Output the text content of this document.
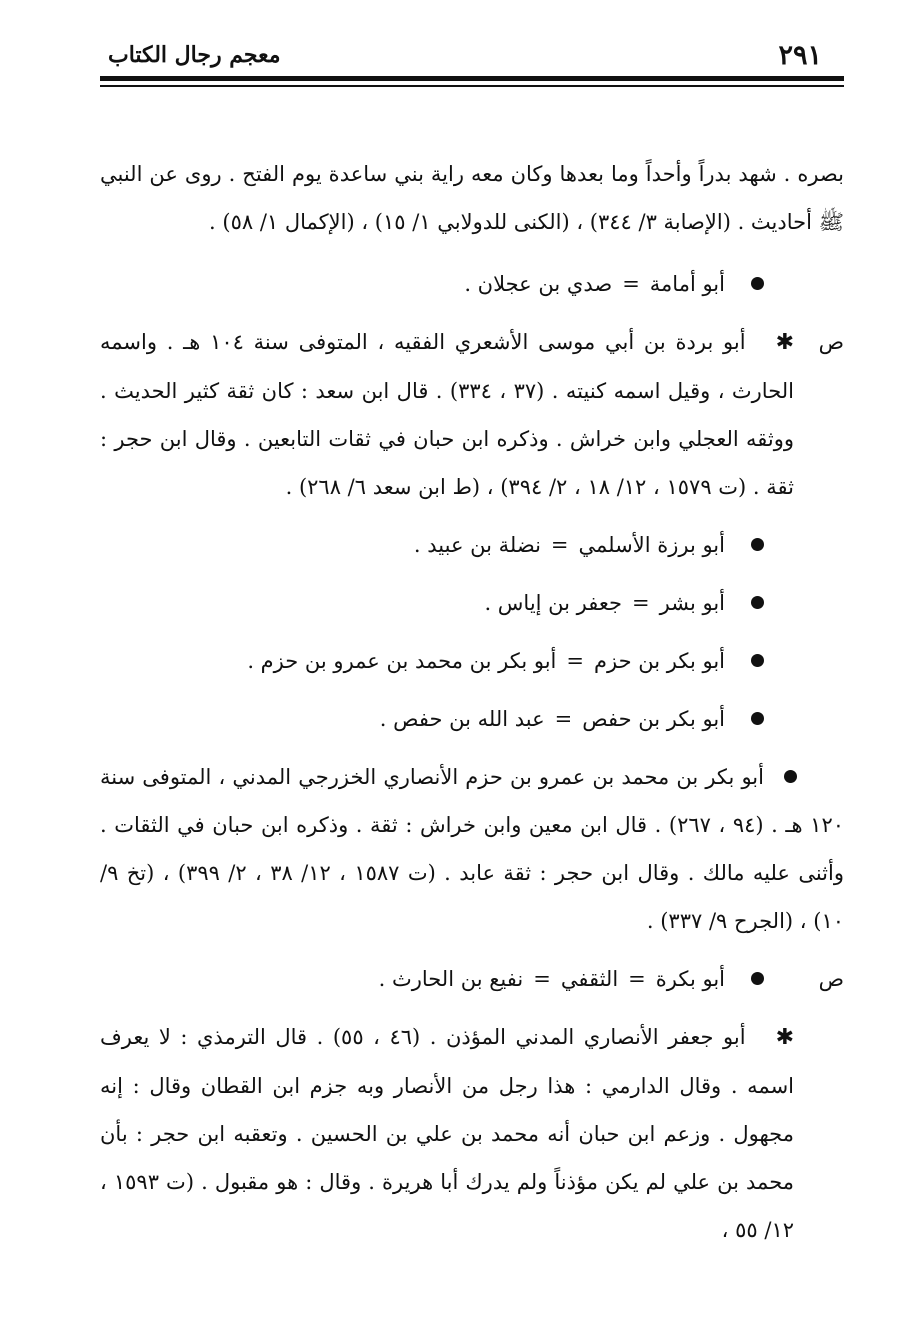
٢٩١
معجم رجال الكتاب

بصره . شهد بدراً وأحداً وما بعدها وكان معه راية بني ساعدة يوم الفتح . روى عن النبي ﷺ أحاديث . (الإصابة ٣/ ٣٤٤) ، (الكنى للدولابي ١/ ١٥) ، (الإكمال ١/ ٥٨) .

أبو أمامة=صدي بن عجلان .
ص
✱أبو بردة بن أبي موسى الأشعري الفقيه ، المتوفى سنة ١٠٤ هـ . واسمه الحارث ، وقيل اسمه كنيته . (٣٧ ، ٣٣٤) . قال ابن سعد : كان ثقة كثير الحديث . ووثقه العجلي وابن خراش . وذكره ابن حبان في ثقات التابعين . وقال ابن حجر : ثقة . (ت ١٥٧٩ ، ١٢/ ١٨ ، ٢/ ٣٩٤) ، (ط ابن سعد ٦/ ٢٦٨) .
أبو برزة الأسلمي=نضلة بن عبيد .
أبو بشر=جعفر بن إياس .
أبو بكر بن حزم=أبو بكر بن محمد بن عمرو بن حزم .
أبو بكر بن حفص=عبد الله بن حفص .
أبو بكر بن محمد بن عمرو بن حزم الأنصاري الخزرجي المدني ، المتوفى سنة ١٢٠ هـ . (٩٤ ، ٢٦٧) . قال ابن معين وابن خراش : ثقة . وذكره ابن حبان في الثقات . وأثنى عليه مالك . وقال ابن حجر : ثقة عابد . (ت ١٥٨٧ ، ١٢/ ٣٨ ، ٢/ ٣٩٩) ، (تخ ٩/ ١٠) ، (الجرح ٩/ ٣٣٧) .
ص
أبو بكرة=الثقفي=نفيع بن الحارث .
✱أبو جعفر الأنصاري المدني المؤذن . (٤٦ ، ٥٥) . قال الترمذي : لا يعرف اسمه . وقال الدارمي : هذا رجل من الأنصار وبه جزم ابن القطان وقال : إنه مجهول . وزعم ابن حبان أنه محمد بن علي بن الحسين . وتعقبه ابن حجر : بأن محمد بن علي لم يكن مؤذناً ولم يدرك أبا هريرة . وقال : هو مقبول . (ت ١٥٩٣ ، ١٢/ ٥٥ ،
